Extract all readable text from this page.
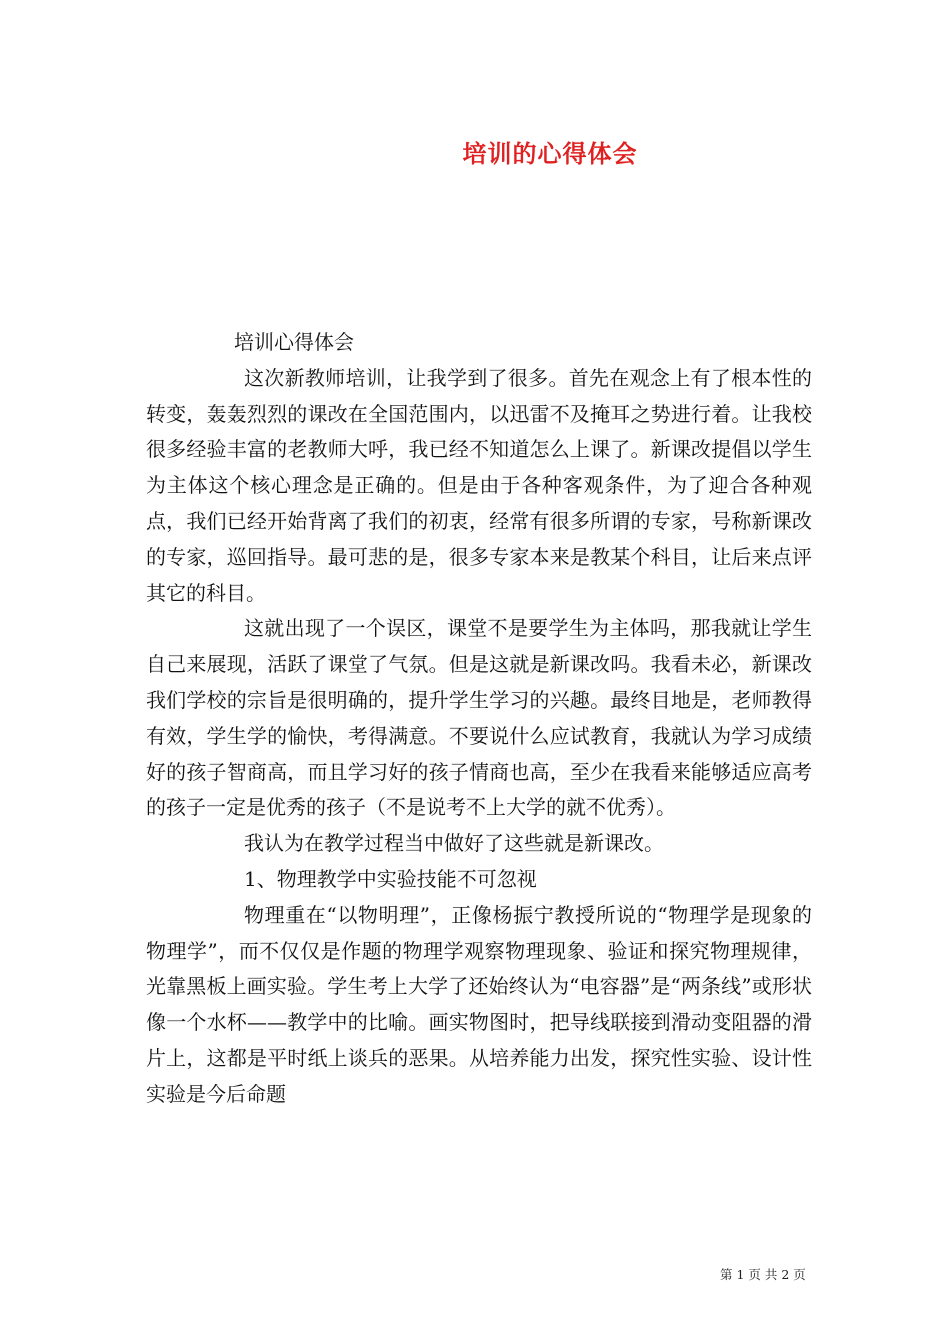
培训的心得体会

培训心得体会

这次新教师培训，让我学到了很多。首先在观念上有了根本性的转变，轰轰烈烈的课改在全国范围内，以迅雷不及掩耳之势进行着。让我校很多经验丰富的老教师大呼，我已经不知道怎么上课了。新课改提倡以学生为主体这个核心理念是正确的。但是由于各种客观条件，为了迎合各种观点，我们已经开始背离了我们的初衷，经常有很多所谓的专家，号称新课改的专家，巡回指导。最可悲的是，很多专家本来是教某个科目，让后来点评其它的科目。

这就出现了一个误区，课堂不是要学生为主体吗，那我就让学生自己来展现，活跃了课堂了气氛。但是这就是新课改吗。我看未必，新课改我们学校的宗旨是很明确的，提升学生学习的兴趣。最终目地是，老师教得有效，学生学的愉快，考得满意。不要说什么应试教育，我就认为学习成绩好的孩子智商高，而且学习好的孩子情商也高，至少在我看来能够适应高考的孩子一定是优秀的孩子（不是说考不上大学的就不优秀）。

我认为在教学过程当中做好了这些就是新课改。

1、物理教学中实验技能不可忽视

物理重在“以物明理”，正像杨振宁教授所说的“物理学是现象的物理学”，而不仅仅是作题的物理学观察物理现象、验证和探究物理规律，光靠黑板上画实验。学生考上大学了还始终认为“电容器”是“两条线”或形状像一个水杯——教学中的比喻。画实物图时，把导线联接到滑动变阻器的滑片上，这都是平时纸上谈兵的恶果。从培养能力出发，探究性实验、设计性实验是今后命题

第 1 页 共 2 页
